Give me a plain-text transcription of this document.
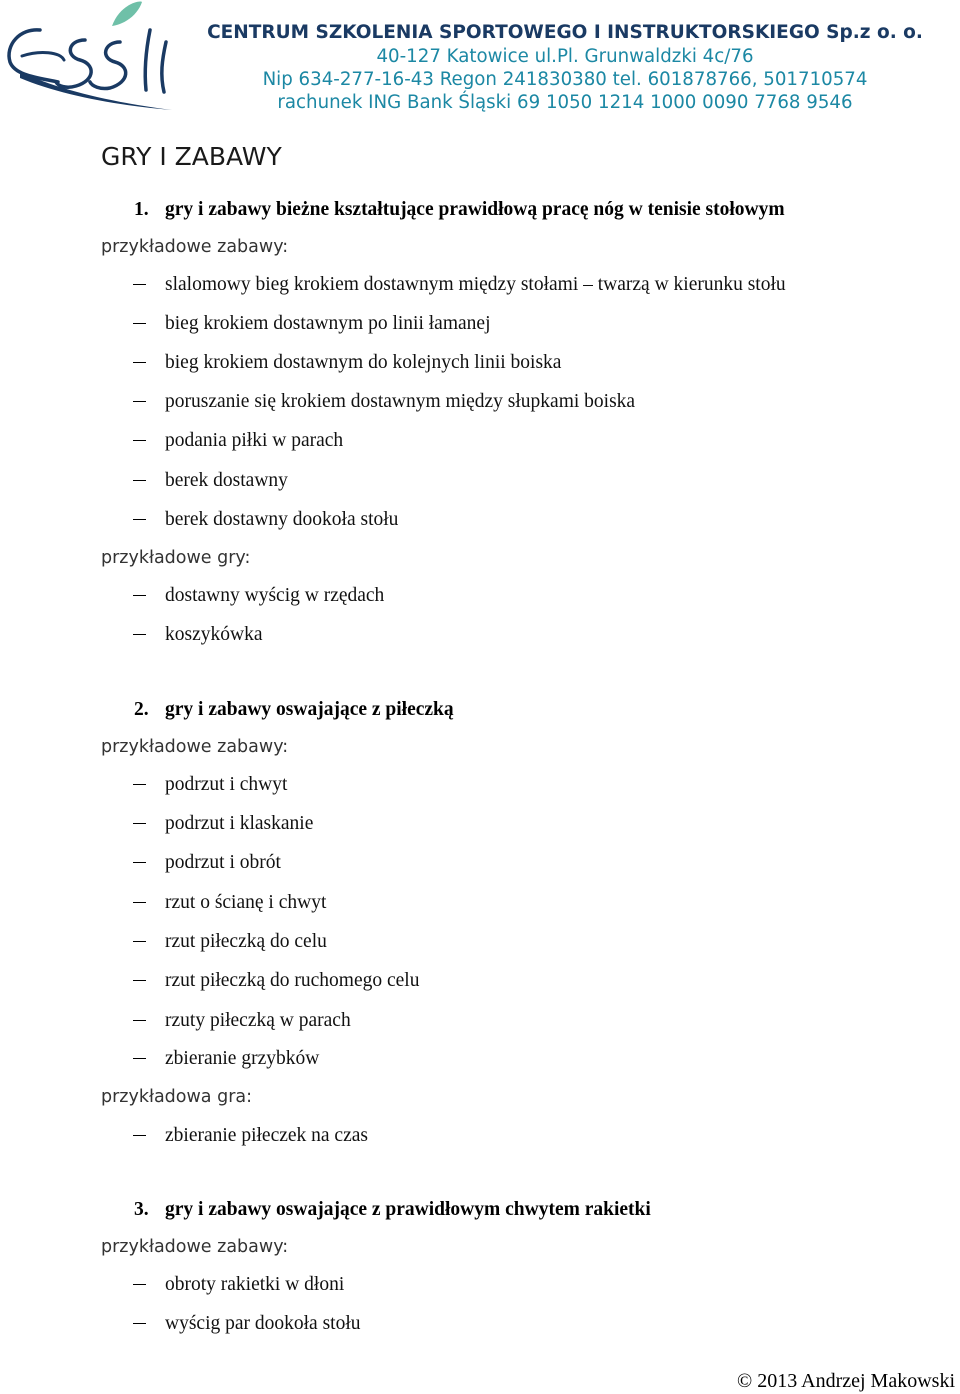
CENTRUM SZKOLENIA SPORTOWEGO I INSTRUKTORSKIEGO Sp.z o. o.
40-127 Katowice ul.Pl. Grunwaldzki 4c/76
Nip 634-277-16-43 Regon 241830380 tel. 601878766, 501710574
rachunek ING Bank Śląski 69 1050 1214 1000 0090 7768 9546
GRY I ZABAWY
1. gry i zabawy bieżne kształtujące prawidłową pracę nóg w tenisie stołowym
przykładowe zabawy:
slalomowy bieg krokiem dostawnym między stołami – twarzą w kierunku stołu
bieg krokiem dostawnym po linii łamanej
bieg krokiem dostawnym do kolejnych linii boiska
poruszanie się krokiem dostawnym między słupkami boiska
podania piłki w parach
berek dostawny
berek dostawny dookoła stołu
przykładowe gry:
dostawny wyścig w rzędach
koszykówka
2. gry i zabawy oswajające z piłeczką
przykładowe zabawy:
podrzut i chwyt
podrzut i klaskanie
podrzut i obrót
rzut o ścianę i chwyt
rzut piłeczką do celu
rzut piłeczką do ruchomego celu
rzuty piłeczką w parach
zbieranie grzybków
przykładowa gra:
zbieranie piłeczek na czas
3. gry i zabawy oswajające z prawidłowym chwytem rakietki
przykładowe zabawy:
obroty rakietki w dłoni
wyścig par dookoła stołu
© 2013 Andrzej Makowski
